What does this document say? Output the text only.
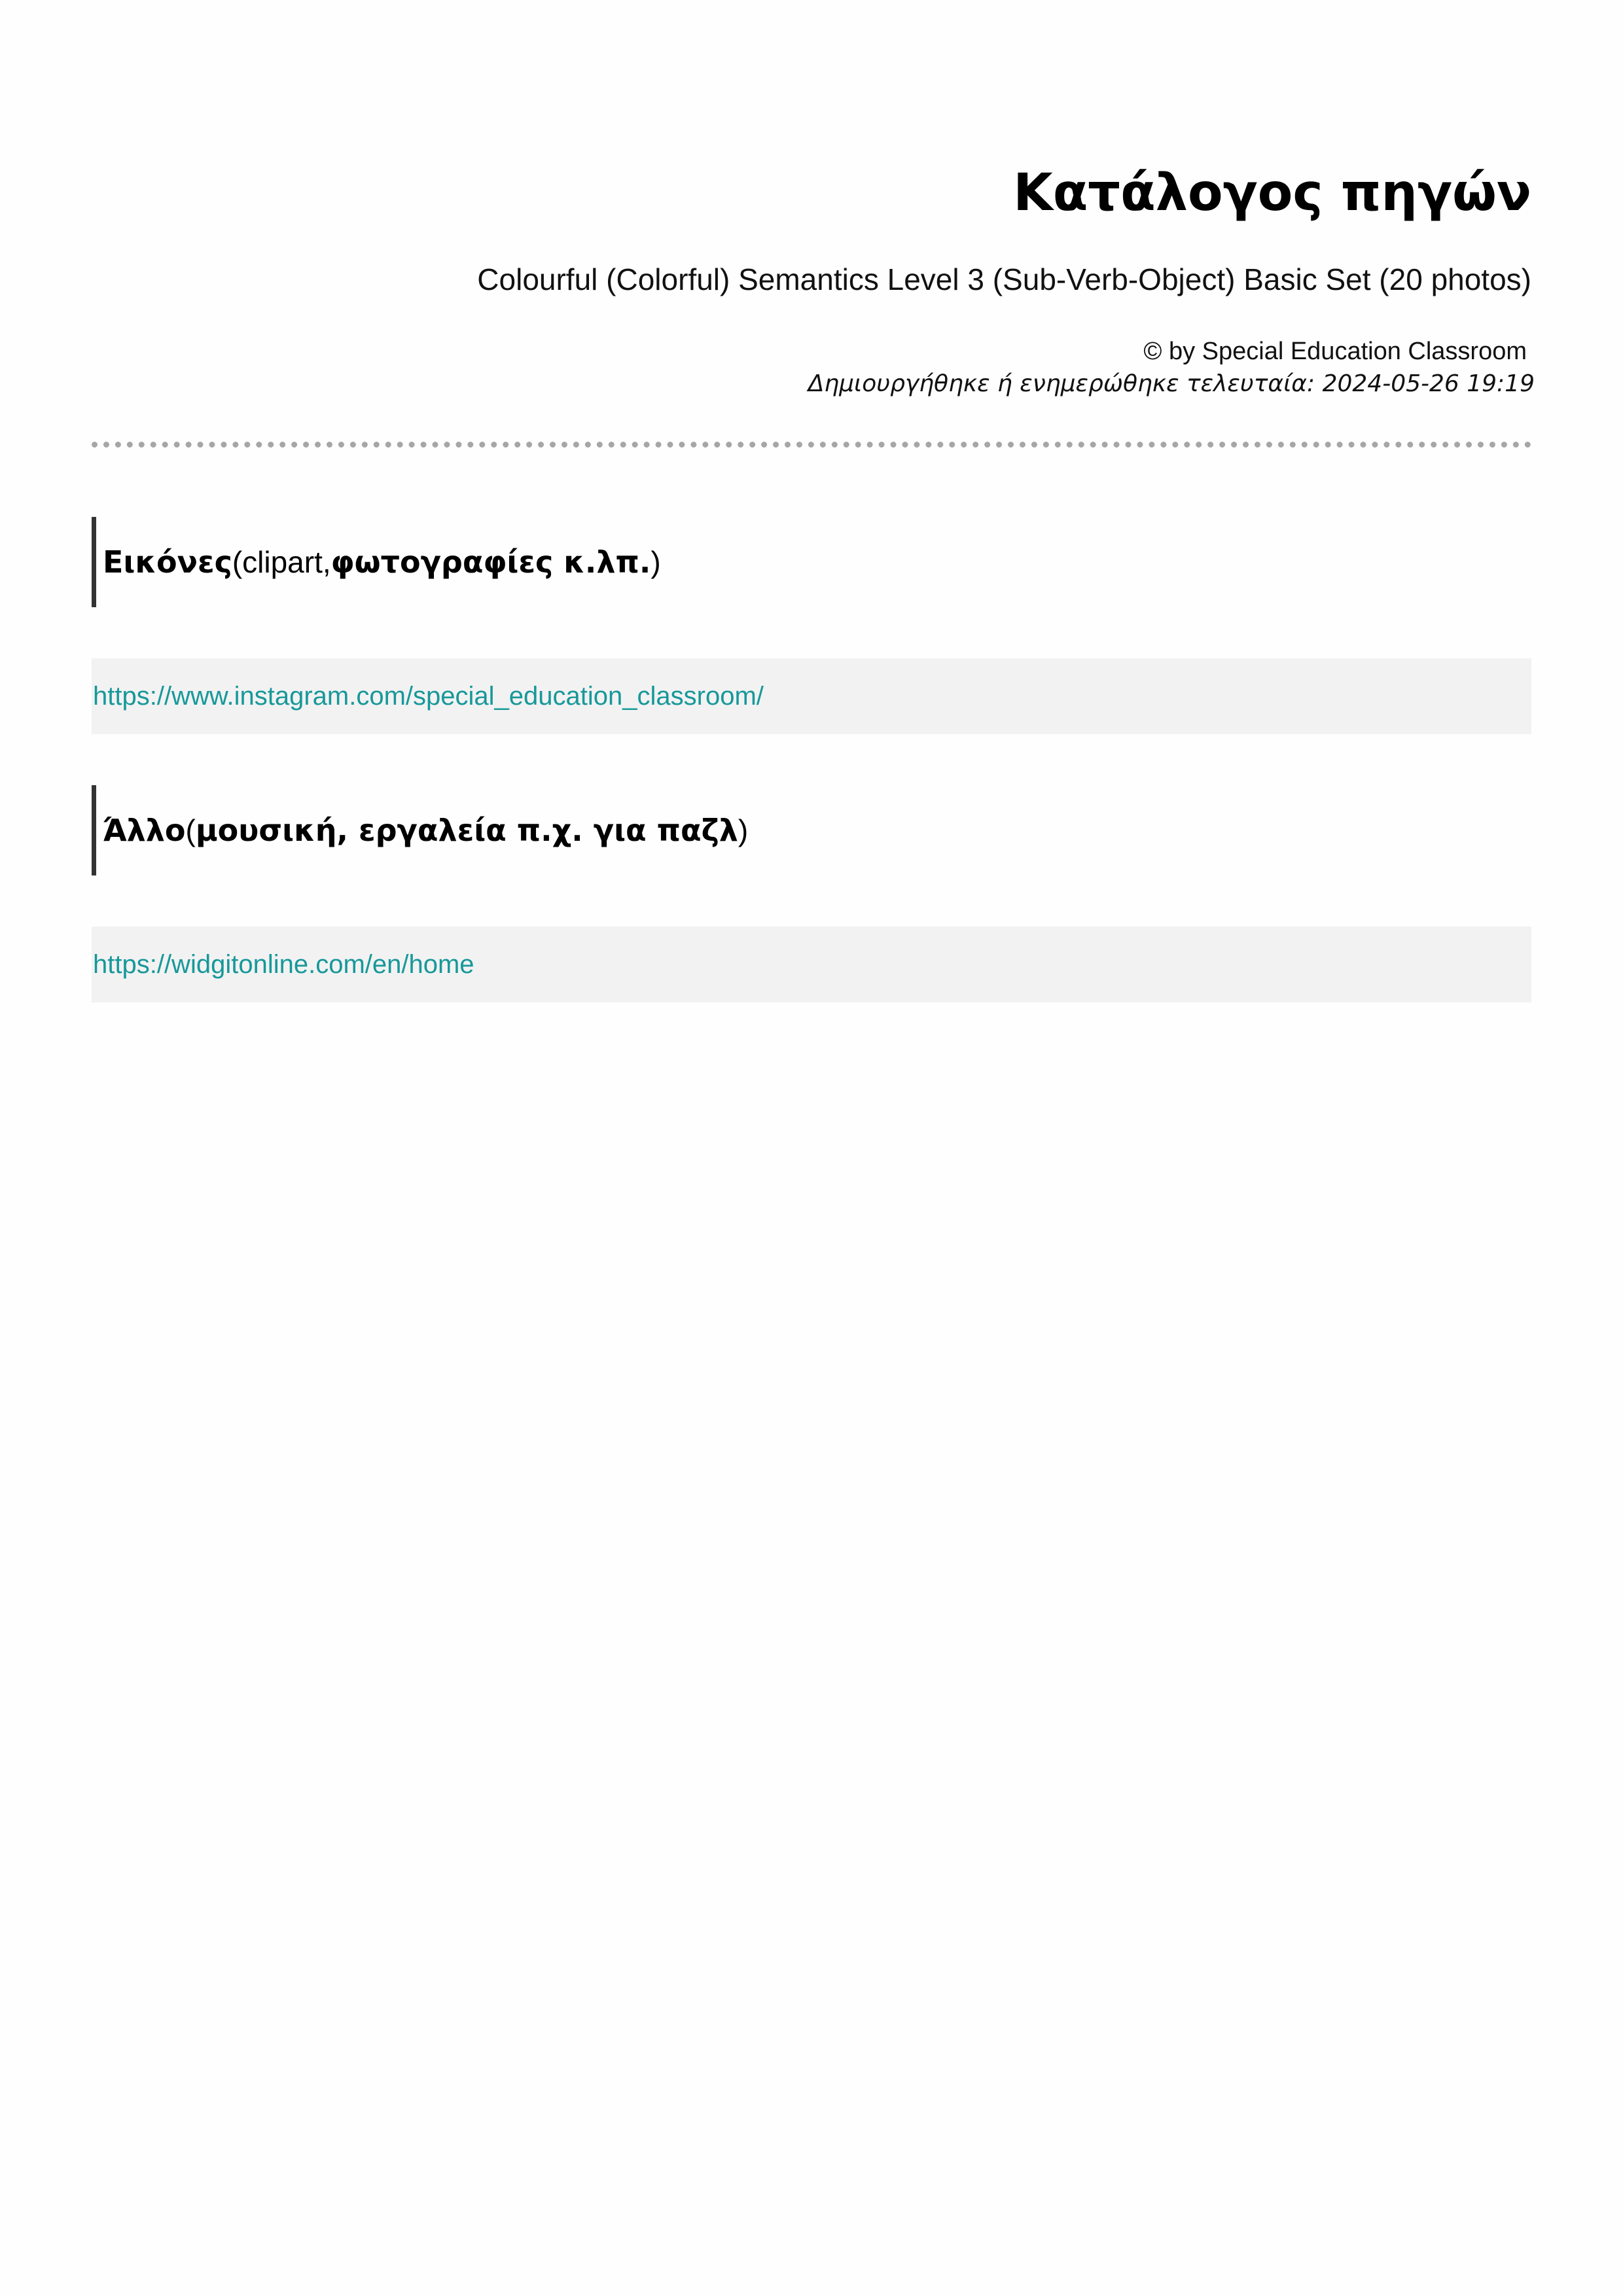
Κατάλογος πηγών
Colourful (Colorful) Semantics Level 3 (Sub-Verb-Object) Basic Set (20 photos)
© by Special Education Classroom
Δημιουργήθηκε ή ενημερώθηκε τελευταία: 2024-05-26 19:19
Εικόνες (clipart, φωτογραφίες κ.λπ. )
https://www.instagram.com/special_education_classroom/
Άλλο ( μουσική, εργαλεία π.χ. για παζλ )
https://widgitonline.com/en/home
